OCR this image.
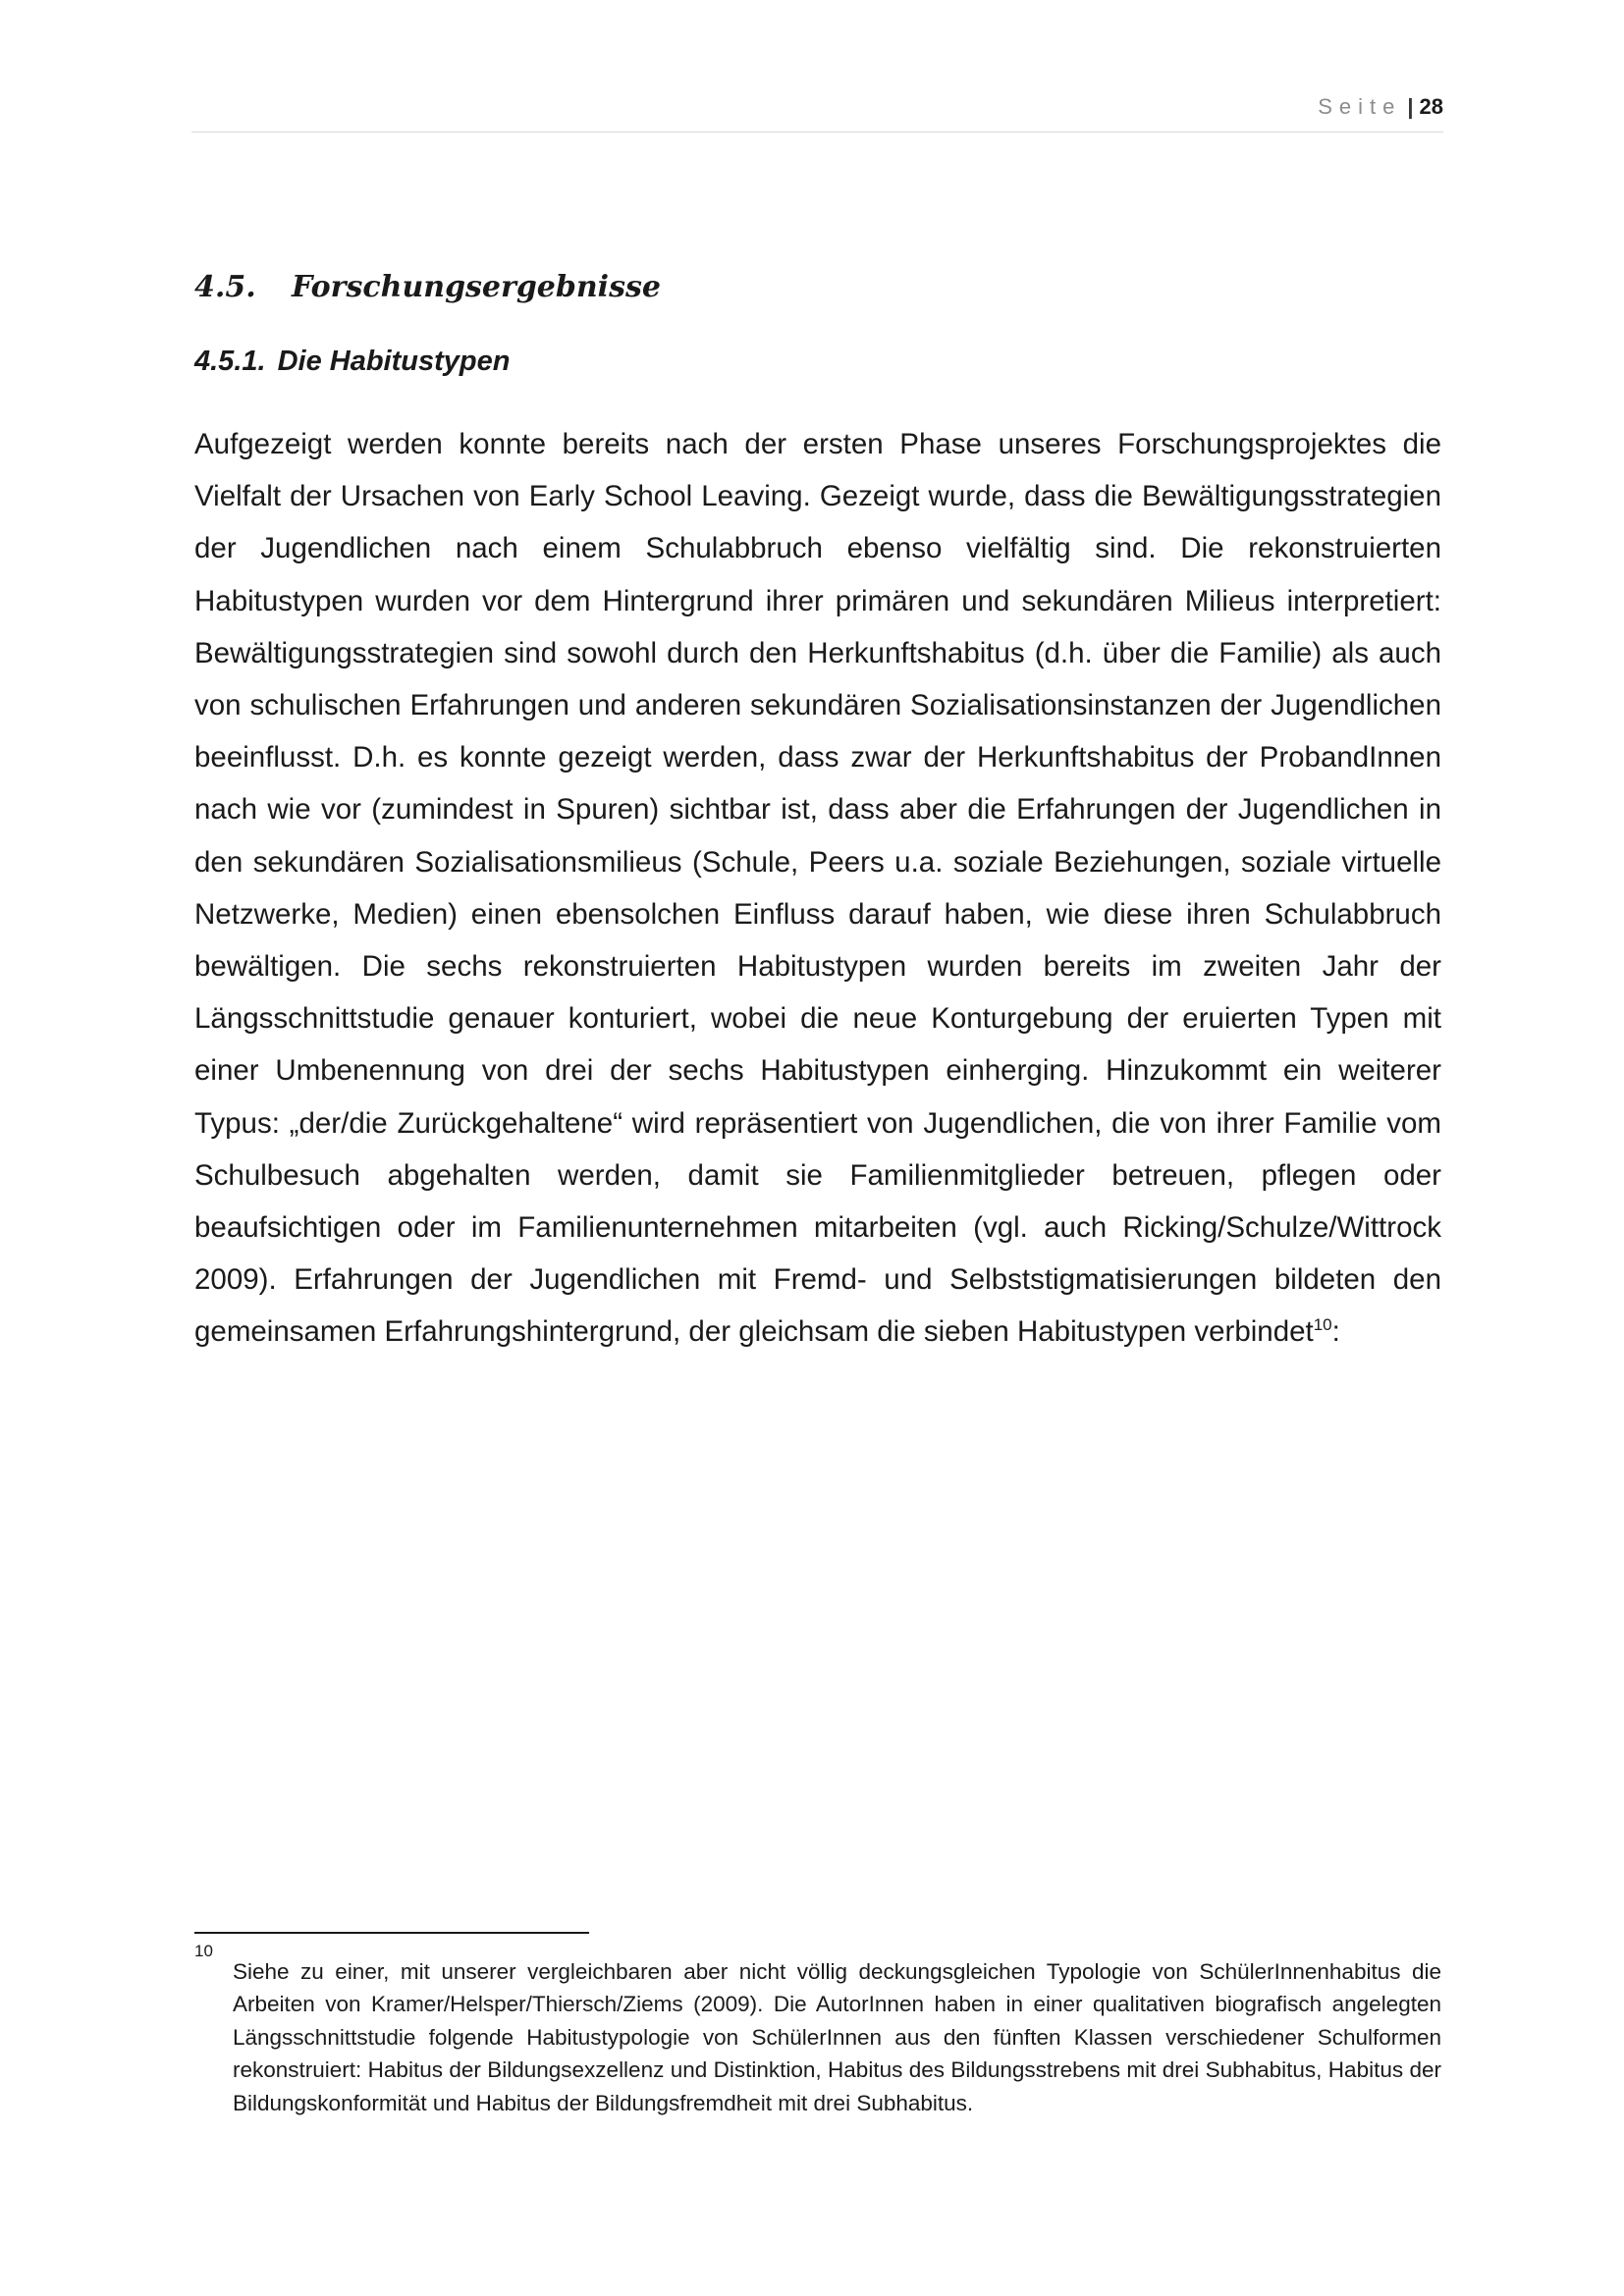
Seite | 28
4.5. Forschungsergebnisse
4.5.1. Die Habitustypen

Aufgezeigt werden konnte bereits nach der ersten Phase unseres Forschungsprojektes die Vielfalt der Ursachen von Early School Leaving. Gezeigt wurde, dass die Bewältigungsstrategien der Jugendlichen nach einem Schulabbruch ebenso vielfältig sind. Die rekonstruierten Habitustypen wurden vor dem Hintergrund ihrer primären und sekundären Milieus interpretiert: Bewältigungsstrategien sind sowohl durch den Herkunftshabitus (d.h. über die Familie) als auch von schulischen Erfahrungen und anderen sekundären Sozialisationsinstanzen der Jugendlichen beeinflusst. D.h. es konnte gezeigt werden, dass zwar der Herkunftshabitus der ProbandInnen nach wie vor (zumindest in Spuren) sichtbar ist, dass aber die Erfahrungen der Jugendlichen in den sekundären Sozialisationsmilieus (Schule, Peers u.a. soziale Beziehungen, soziale virtuelle Netzwerke, Medien) einen ebensolchen Einfluss darauf haben, wie diese ihren Schulabbruch bewältigen. Die sechs rekonstruierten Habitustypen wurden bereits im zweiten Jahr der Längsschnittstudie genauer konturiert, wobei die neue Konturgebung der eruierten Typen mit einer Umbenennung von drei der sechs Habitustypen einherging. Hinzukommt ein weiterer Typus: „der/die Zurückgehaltene“ wird repräsentiert von Jugendlichen, die von ihrer Familie vom Schulbesuch abgehalten werden, damit sie Familienmitglieder betreuen, pflegen oder beaufsichtigen oder im Familienunternehmen mitarbeiten (vgl. auch Ricking/Schulze/Wittrock 2009). Erfahrungen der Jugendlichen mit Fremd- und Selbststigmatisierungen bildeten den gemeinsamen Erfahrungshintergrund, der gleichsam die sieben Habitustypen verbindet$^{10}$:

10

Siehe zu einer, mit unserer vergleichbaren aber nicht völlig deckungsgleichen Typologie von SchülerInnenhabitus die Arbeiten von Kramer/Helsper/Thiersch/Ziems (2009). Die AutorInnen haben in einer qualitativen biografisch angelegten Längsschnittstudie folgende Habitustypologie von SchülerInnen aus den fünften Klassen verschiedener Schulformen rekonstruiert: Habitus der Bildungsexzellenz und Distinktion, Habitus des Bildungsstrebens mit drei Subhabitus, Habitus der Bildungskonformität und Habitus der Bildungsfremdheit mit drei Subhabitus.
